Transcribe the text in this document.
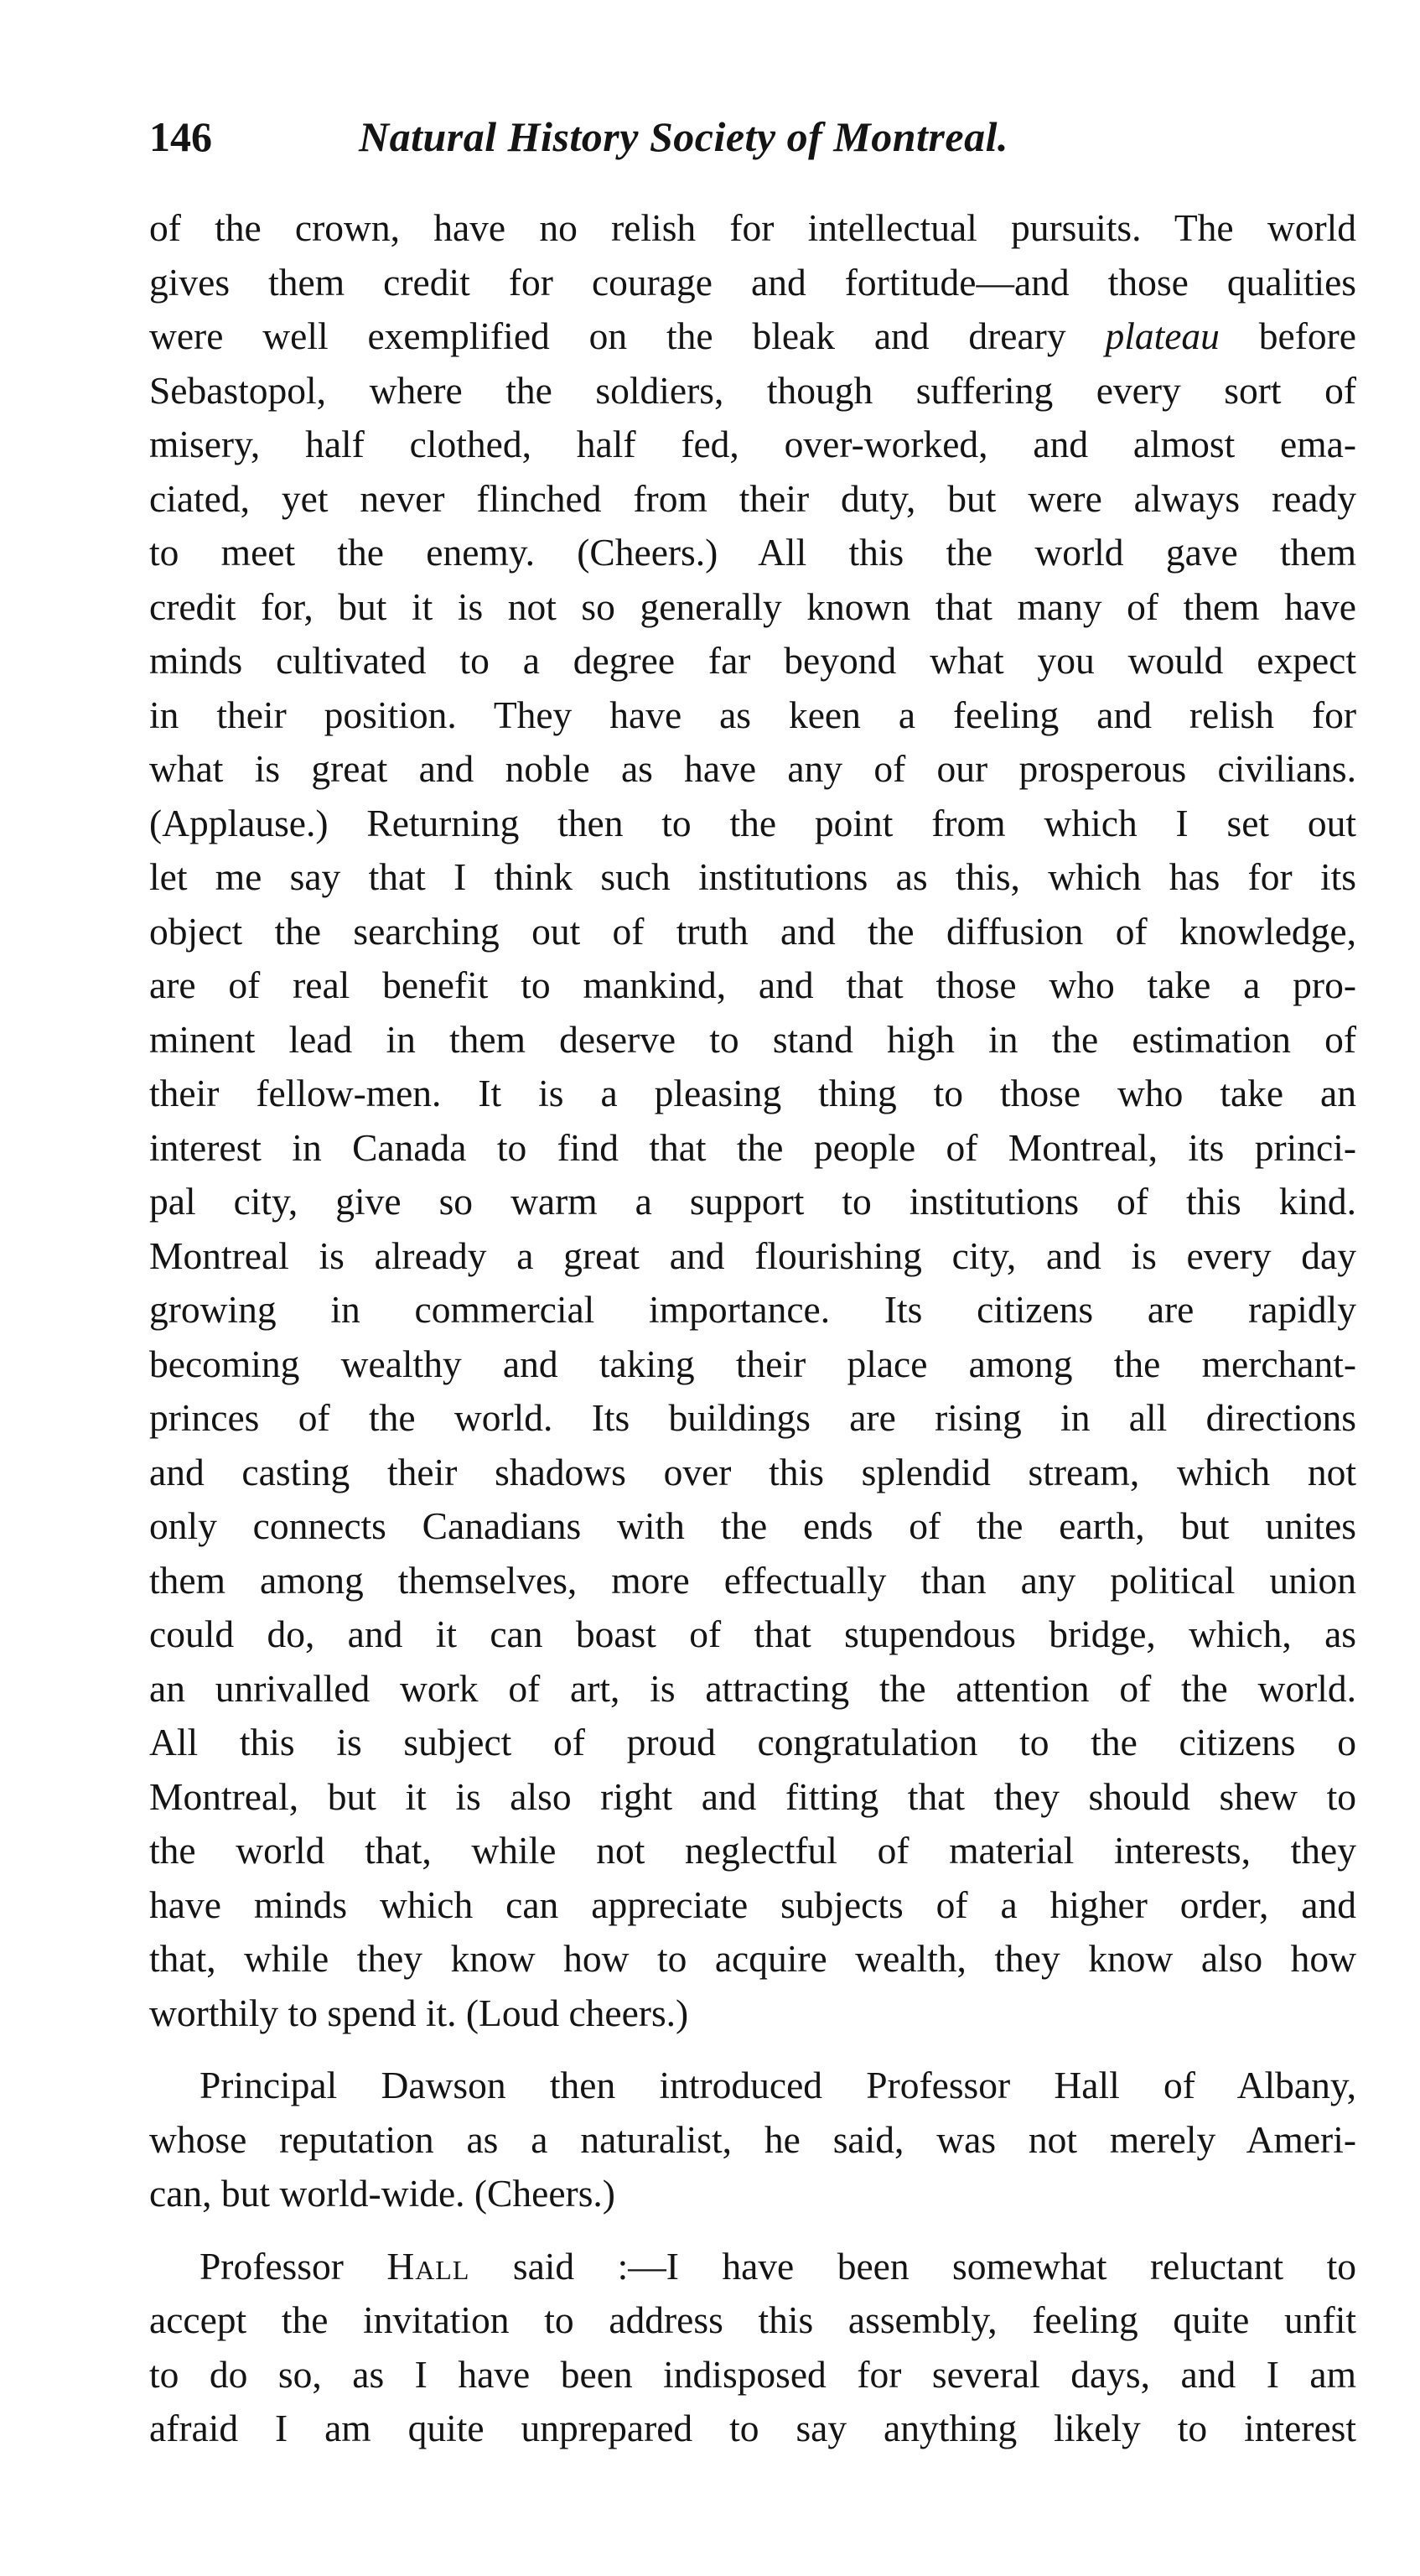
146	Natural History Society of Montreal.
of the crown, have no relish for intellectual pursuits. The world
gives them credit for courage and fortitude—and those qualities
were well exemplified on the bleak and dreary plateau before
Sebastopol, where the soldiers, though suffering every sort of
misery, half clothed, half fed, over-worked, and almost ema-
ciated, yet never flinched from their duty, but were always ready
to meet the enemy. (Cheers.) All this the world gave them
credit for, but it is not so generally known that many of them have
minds cultivated to a degree far beyond what you would expect
in their position. They have as keen a feeling and relish for
what is great and noble as have any of our prosperous civilians.
(Applause.) Returning then to the point from which I set out
let me say that I think such institutions as this, which has for its
object the searching out of truth and the diffusion of knowledge,
are of real benefit to mankind, and that those who take a pro-
minent lead in them deserve to stand high in the estimation of
their fellow-men. It is a pleasing thing to those who take an
interest in Canada to find that the people of Montreal, its princi-
pal city, give so warm a support to institutions of this kind.
Montreal is already a great and flourishing city, and is every day
growing in commercial importance. Its citizens are rapidly
becoming wealthy and taking their place among the merchant-
princes of the world. Its buildings are rising in all directions
and casting their shadows over this splendid stream, which not
only connects Canadians with the ends of the earth, but unites
them among themselves, more effectually than any political union
could do, and it can boast of that stupendous bridge, which, as
an unrivalled work of art, is attracting the attention of the world.
All this is subject of proud congratulation to the citizens o
Montreal, but it is also right and fitting that they should shew to
the world that, while not neglectful of material interests, they
have minds which can appreciate subjects of a higher order, and
that, while they know how to acquire wealth, they know also how
worthily to spend it. (Loud cheers.)
Principal Dawson then introduced Professor Hall of Albany,
whose reputation as a naturalist, he said, was not merely Ameri-
can, but world-wide. (Cheers.)
Professor Hall said :—I have been somewhat reluctant to
accept the invitation to address this assembly, feeling quite unfit
to do so, as I have been indisposed for several days, and I am
afraid I am quite unprepared to say anything likely to interest
